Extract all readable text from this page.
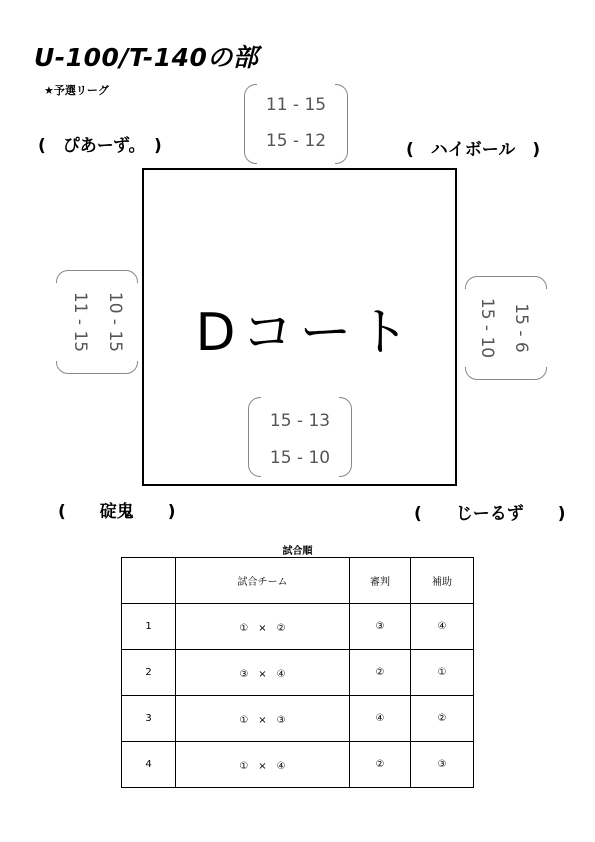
U-100/T-140の部
★予選リーグ
(　ぴあーず。　)	(　ハイボール　)
(　　碇鬼　　)	(　　じーるず　　)
Dコート
11 - 15
15 - 12
15 - 13
15 - 10
10 - 15
11 - 15	15 - 6
15 - 10
試合順
	試合チーム	審判	補助
1	①　×　②	③	④
2	③　×　④	②	①
3	①　×　③	④	②
4	①　×　④	②	③
